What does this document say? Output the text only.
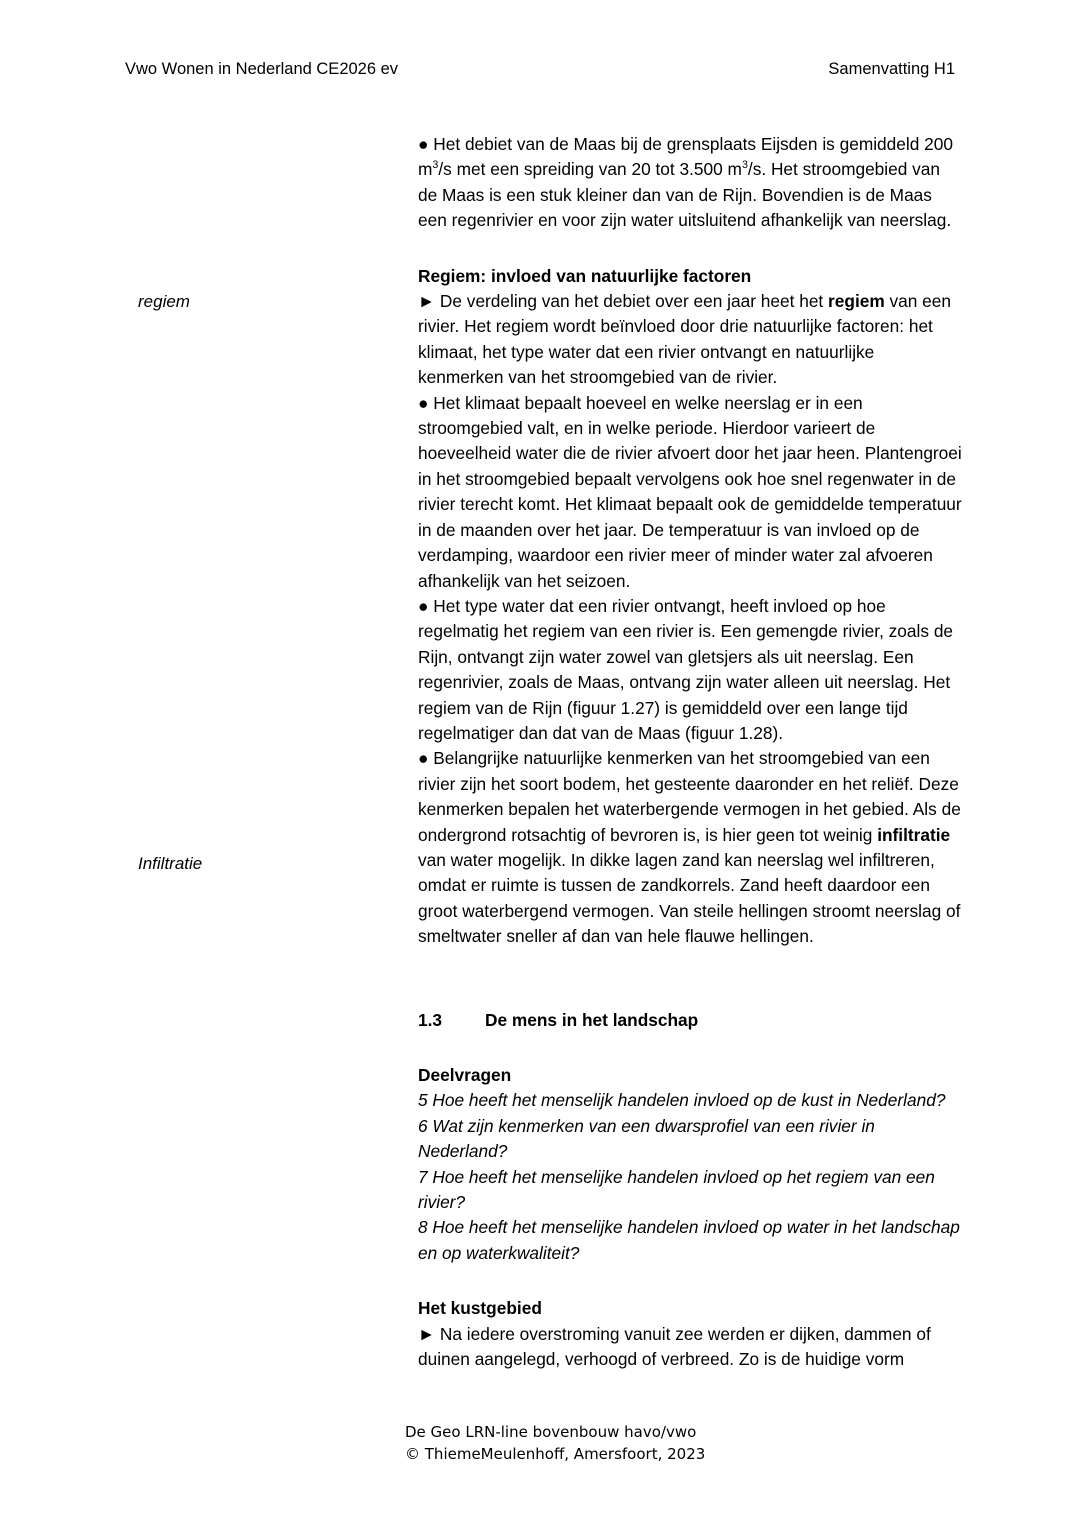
Vwo Wonen in Nederland CE2026 ev	Samenvatting H1

● Het debiet van de Maas bij de grensplaats Eijsden is gemiddeld 200 $m^3/s$ met een spreiding van 20 tot 3.500 $m^3/s$. Het stroomgebied van de Maas is een stuk kleiner dan van de Rijn. Bovendien is de Maas een regenrivier en voor zijn water uitsluitend afhankelijk van neerslag.

Regiem: invloed van natuurlijke factoren

regiem	► De verdeling van het debiet over een jaar heet het regiem van een rivier. Het regiem wordt beïnvloed door drie natuurlijke factoren: het klimaat, het type water dat een rivier ontvangt en natuurlijke kenmerken van het stroomgebied van de rivier.

● Het klimaat bepaalt hoeveel en welke neerslag er in een stroomgebied valt, en in welke periode. Hierdoor varieert de hoeveelheid water die de rivier afvoert door het jaar heen. Plantengroei in het stroomgebied bepaalt vervolgens ook hoe snel regenwater in de rivier terecht komt. Het klimaat bepaalt ook de gemiddelde temperatuur in de maanden over het jaar. De temperatuur is van invloed op de verdamping, waardoor een rivier meer of minder water zal afvoeren afhankelijk van het seizoen.

● Het type water dat een rivier ontvangt, heeft invloed op hoe regelmatig het regiem van een rivier is. Een gemengde rivier, zoals de Rijn, ontvangt zijn water zowel van gletsjers als uit neerslag. Een regenrivier, zoals de Maas, ontvang zijn water alleen uit neerslag. Het regiem van de Rijn (figuur 1.27) is gemiddeld over een lange tijd regelmatiger dan dat van de Maas (figuur 1.28).

Infiltratie

● Belangrijke natuurlijke kenmerken van het stroomgebied van een rivier zijn het soort bodem, het gesteente daaronder en het reliëf. Deze kenmerken bepalen het waterbergende vermogen in het gebied. Als de ondergrond rotsachtig of bevroren is, is hier geen tot weinig infiltratie van water mogelijk. In dikke lagen zand kan neerslag wel infiltreren, omdat er ruimte is tussen de zandkorrels. Zand heeft daardoor een groot waterbergend vermogen. Van steile hellingen stroomt neerslag of smeltwater sneller af dan van hele flauwe hellingen.

1.3	De mens in het landschap

Deelvragen

5 Hoe heeft het menselijk handelen invloed op de kust in Nederland?

6 Wat zijn kenmerken van een dwarsprofiel van een rivier in Nederland?

7 Hoe heeft het menselijke handelen invloed op het regiem van een rivier?

8 Hoe heeft het menselijke handelen invloed op water in het landschap en op waterkwaliteit?

Het kustgebied

► Na iedere overstroming vanuit zee werden er dijken, dammen of duinen aangelegd, verhoogd of verbreed. Zo is de huidige vorm

De Geo LRN-line bovenbouw havo/vwo
© ThiemeMeulenhoff, Amersfoort, 2023
